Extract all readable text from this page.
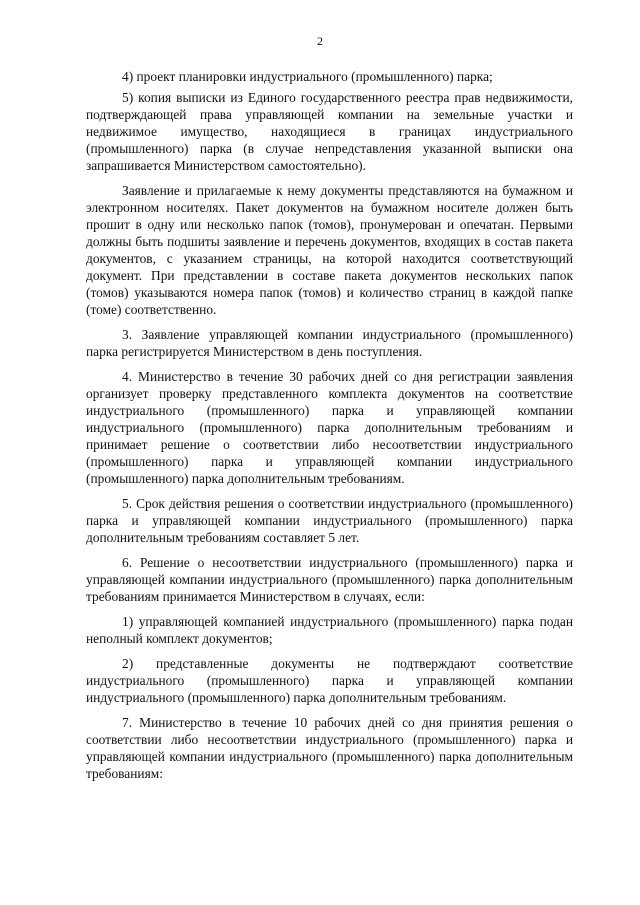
2

4) проект планировки индустриального (промышленного) парка;

5) копия выписки из Единого государственного реестра прав недвижимости, подтверждающей права управляющей компании на земельные участки и недвижимое имущество, находящиеся в границах индустриального (промышленного) парка (в случае непредставления указанной выписки она запрашивается Министерством самостоятельно).

Заявление и прилагаемые к нему документы представляются на бумажном и электронном носителях. Пакет документов на бумажном носителе должен быть прошит в одну или несколько папок (томов), пронумерован и опечатан. Первыми должны быть подшиты заявление и перечень документов, входящих в состав пакета документов, с указанием страницы, на которой находится соответствующий документ. При представлении в составе пакета документов нескольких папок (томов) указываются номера папок (томов) и количество страниц в каждой папке (томе) соответственно.

3. Заявление управляющей компании индустриального (промышленного) парка регистрируется Министерством в день поступления.

4. Министерство в течение 30 рабочих дней со дня регистрации заявления организует проверку представленного комплекта документов на соответствие индустриального (промышленного) парка и управляющей компании индустриального (промышленного) парка дополнительным требованиям и принимает решение о соответствии либо несоответствии индустриального (промышленного) парка и управляющей компании индустриального (промышленного) парка дополнительным требованиям.

5. Срок действия решения о соответствии индустриального (промышленного) парка и управляющей компании индустриального (промышленного) парка дополнительным требованиям составляет 5 лет.

6. Решение о несоответствии индустриального (промышленного) парка и управляющей компании индустриального (промышленного) парка дополнительным требованиям принимается Министерством в случаях, если:

1) управляющей компанией индустриального (промышленного) парка подан неполный комплект документов;

2) представленные документы не подтверждают соответствие индустриального (промышленного) парка и управляющей компании индустриального (промышленного) парка дополнительным требованиям.

7. Министерство в течение 10 рабочих дней со дня принятия решения о соответствии либо несоответствии индустриального (промышленного) парка и управляющей компании индустриального (промышленного) парка дополнительным требованиям:
